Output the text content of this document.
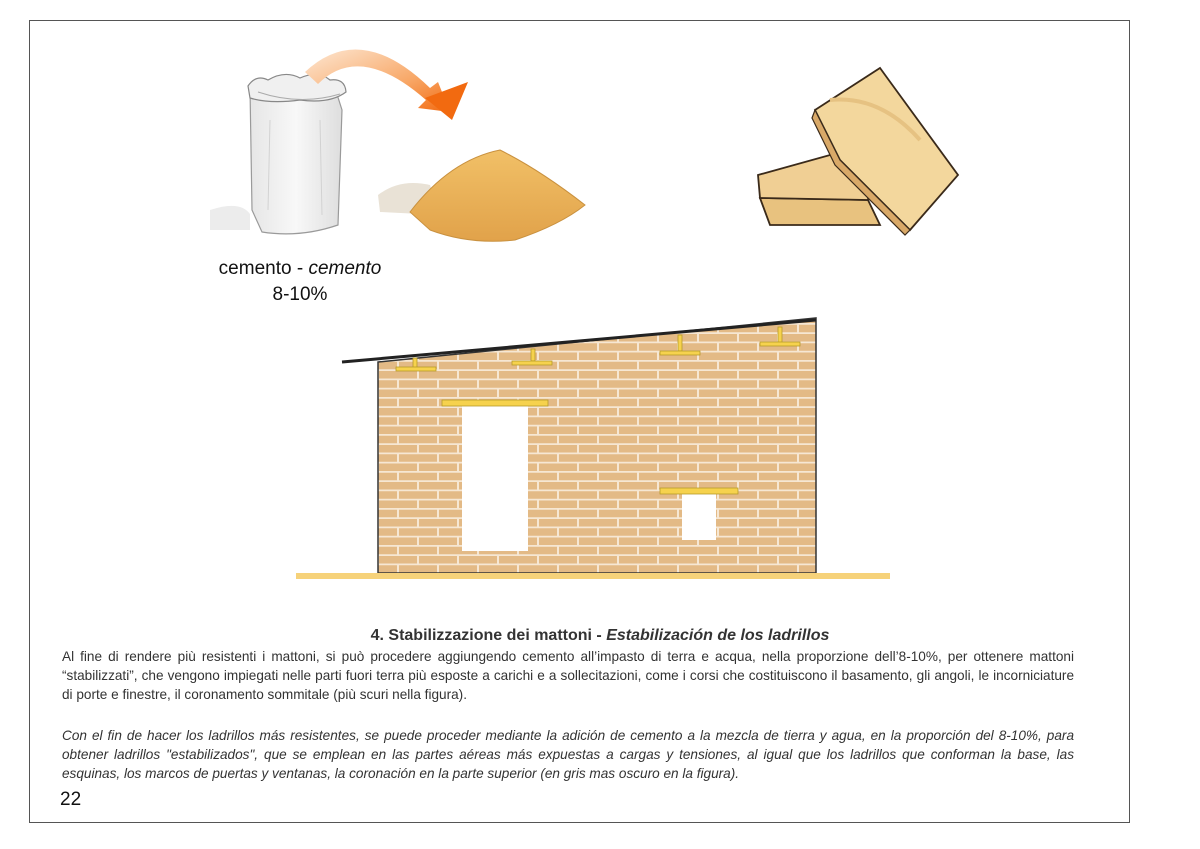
cemento - cemento
8-10%
4. Stabilizzazione dei mattoni - Estabilización de los ladrillos

Al fine di rendere più resistenti i mattoni, si può procedere aggiungendo cemento all’impasto di terra e acqua, nella proporzione dell’8-10%, per ottenere mattoni “stabilizzati”, che vengono impiegati nelle parti fuori terra più esposte a carichi e a sollecitazioni, come i corsi che costituiscono il basamento, gli angoli, le incorniciature di porte e finestre, il coronamento sommitale (più scuri nella figura).

Con el fin de hacer los ladrillos más resistentes, se puede proceder mediante la adición de cemento a la mezcla de tierra y agua, en la proporción del 8-10%, para obtener ladrillos "estabilizados", que se emplean en las partes aéreas más expuestas a cargas y tensiones, al igual que los ladrillos que conforman la base, las esquinas, los marcos de puertas y ventanas, la coronación en la parte superior (en gris mas oscuro en la figura).

22
